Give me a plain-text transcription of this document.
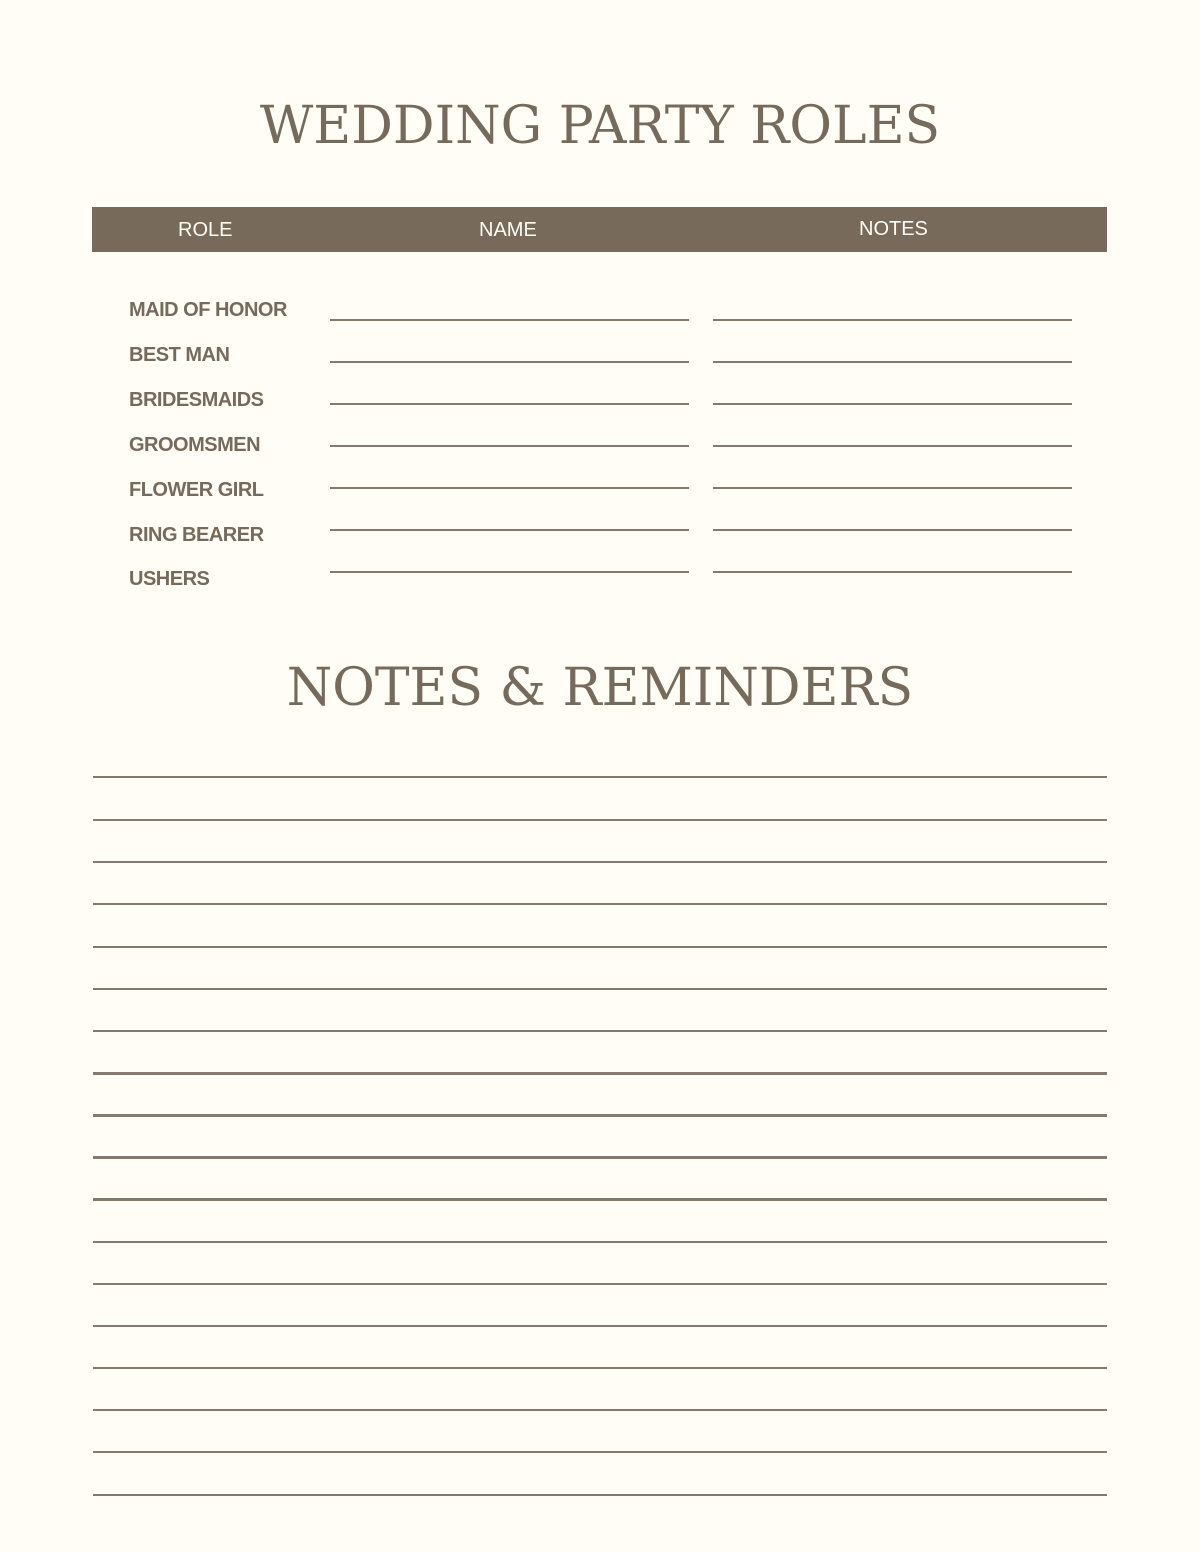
WEDDING PARTY ROLES
ROLE	NAME	NOTES
MAID OF HONOR
BEST MAN
BRIDESMAIDS
GROOMSMEN
FLOWER GIRL
RING BEARER
USHERS
NOTES & REMINDERS
